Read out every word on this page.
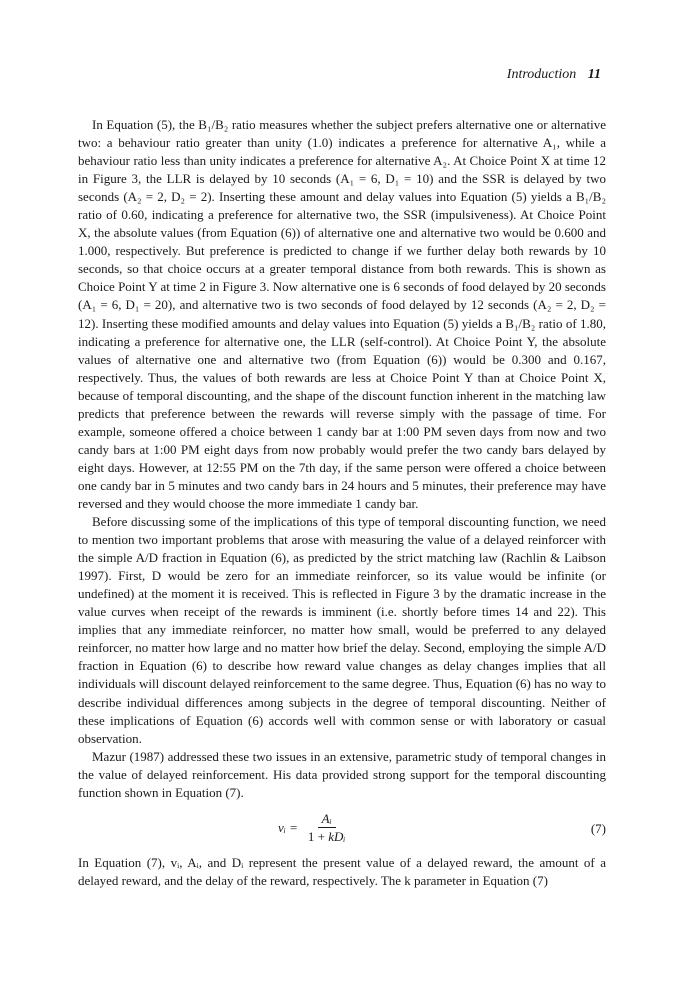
Introduction 11

In Equation (5), the B₁/B₂ ratio measures whether the subject prefers alternative one or alternative two: a behaviour ratio greater than unity (1.0) indicates a preference for alternative A₁, while a behaviour ratio less than unity indicates a preference for alternative A₂. At Choice Point X at time 12 in Figure 3, the LLR is delayed by 10 seconds (A₁ = 6, D₁ = 10) and the SSR is delayed by two seconds (A₂ = 2, D₂ = 2). Inserting these amount and delay values into Equation (5) yields a B₁/B₂ ratio of 0.60, indicating a preference for alternative two, the SSR (impulsiveness). At Choice Point X, the absolute values (from Equation (6)) of alternative one and alternative two would be 0.600 and 1.000, respectively. But preference is predicted to change if we further delay both rewards by 10 seconds, so that choice occurs at a greater temporal distance from both rewards. This is shown as Choice Point Y at time 2 in Figure 3. Now alternative one is 6 seconds of food delayed by 20 seconds (A₁ = 6, D₁ = 20), and alternative two is two seconds of food delayed by 12 seconds (A₂ = 2, D₂ = 12). Inserting these modified amounts and delay values into Equation (5) yields a B₁/B₂ ratio of 1.80, indicating a preference for alternative one, the LLR (self-control). At Choice Point Y, the absolute values of alternative one and alternative two (from Equation (6)) would be 0.300 and 0.167, respectively. Thus, the values of both rewards are less at Choice Point Y than at Choice Point X, because of temporal discounting, and the shape of the discount function inherent in the matching law predicts that preference between the rewards will reverse simply with the passage of time. For example, someone offered a choice between 1 candy bar at 1:00 PM seven days from now and two candy bars at 1:00 PM eight days from now probably would prefer the two candy bars delayed by eight days. However, at 12:55 PM on the 7th day, if the same person were offered a choice between one candy bar in 5 minutes and two candy bars in 24 hours and 5 minutes, their preference may have reversed and they would choose the more immediate 1 candy bar.

Before discussing some of the implications of this type of temporal discounting function, we need to mention two important problems that arose with measuring the value of a delayed reinforcer with the simple A/D fraction in Equation (6), as predicted by the strict matching law (Rachlin & Laibson 1997). First, D would be zero for an immediate reinforcer, so its value would be infinite (or undefined) at the moment it is received. This is reflected in Figure 3 by the dramatic increase in the value curves when receipt of the rewards is imminent (i.e. shortly before times 14 and 22). This implies that any immediate reinforcer, no matter how small, would be preferred to any delayed reinforcer, no matter how large and no matter how brief the delay. Second, employing the simple A/D fraction in Equation (6) to describe how reward value changes as delay changes implies that all individuals will discount delayed reinforcement to the same degree. Thus, Equation (6) has no way to describe individual differences among subjects in the degree of temporal discounting. Neither of these implications of Equation (6) accords well with common sense or with laboratory or casual observation.

Mazur (1987) addressed these two issues in an extensive, parametric study of temporal changes in the value of delayed reinforcement. His data provided strong support for the temporal discounting function shown in Equation (7).

vᵢ = $\frac{\text{Aᵢ}}{\text{1 + kDᵢ}}$	(7)

In Equation (7), vᵢ, Aᵢ, and Dᵢ represent the present value of a delayed reward, the amount of a delayed reward, and the delay of the reward, respectively. The k parameter in Equation (7)
